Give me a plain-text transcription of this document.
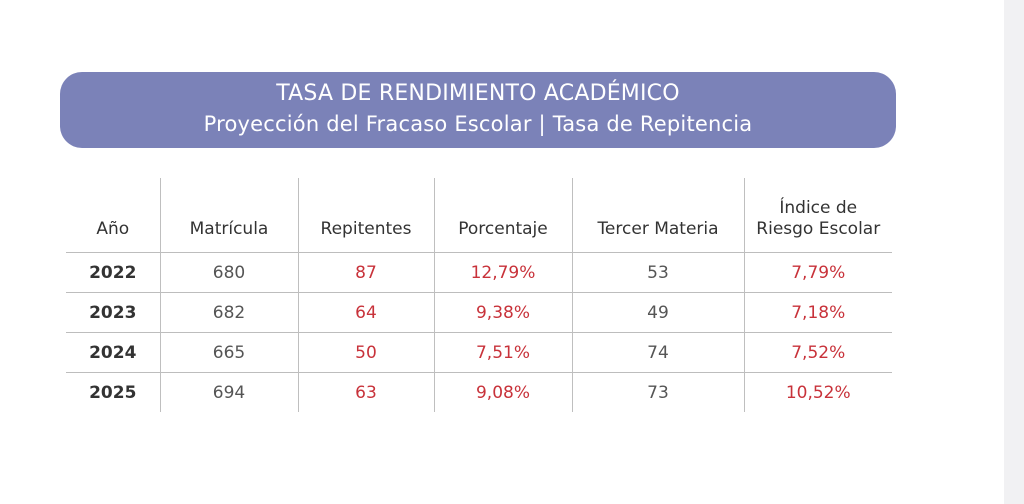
TASA DE RENDIMIENTO ACADÉMICO
Proyección del Fracaso Escolar | Tasa de Repitencia
Año	Matrícula	Repitentes	Porcentaje	Tercer Materia	Índice de
Riesgo Escolar
2022	680	87	12,79%	53	7,79%
2023	682	64	9,38%	49	7,18%
2024	665	50	7,51%	74	7,52%
2025	694	63	9,08%	73	10,52%
